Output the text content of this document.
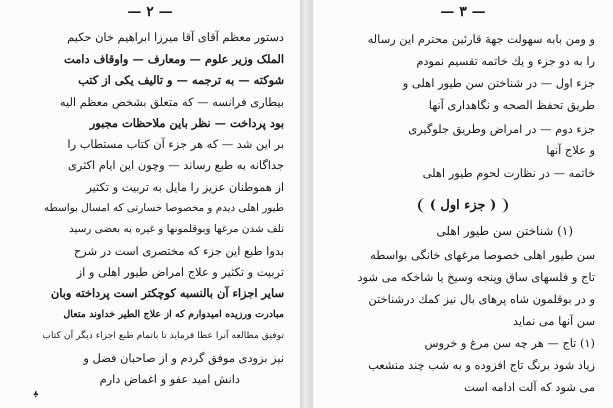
— ٢ —
دستور معظم آقای آقا میرزا ابراهیم خان حکیم
الملک وزیر علوم — ومعارف — واوقاف دامت
شوکته — به ترجمه — و تالیف یکی از کتب
بیطاری فرانسه — که متعلق بشخص معظم الیه
بود پرداخت — نظر باین ملاحظات مجبور
بر این شد — که هر جزء آن کتاب مستطاب را
جداگانه به طبع رساند — وچون این ایام اکثری
از هموطنان عزیز را مایل به تربیت و تکثیر
طیور اهلی دیدم و مخصوصا خسارتی که امسال بواسطه
تلف شدن مرغها وبوقلمونها و غیره به بعضی رسید
بدوا طبع این جزء که مختصری است در شرح
تربیت و تکثیر و علاج امراض طیور اهلی و از
سایر اجزاء آن بالنسبه کوچکتر است پرداخته وبان
مبادرت ورزیده امیدوارم که از علاج الطیر خداوند متعال
توفیق مطالعه آنرا عطا فرماید تا باتمام طبع اجزاء دیگر آن کتاب
نیز بزودی موفق گردم و از صاحبان فضل و
دانش امید عفو و اغماض دارم
ﺒ
— ٣ —
و ومن بابه سهولت جهة قارئین محترم این رساله
را به دو جزء و یك خاتمه تقسیم نمودم
جزء اول — در شناختن سن طیور اهلی و
طریق تحفظ الصحه و نگاهداری آنها
جزء دوم — در امراض وطریق جلوگیری
و علاج آنها
خاتمه — در نظارت لحوم طیور اهلی
( جزء اول )
(١) شناختن سن طیور اهلی
سن طیور اهلی خصوصا مرغهای خانگی بواسطه
تاج و فلسهای ساق وپنجه وسیخ یا شاخکه می شود
و در بوقلمون شاه پرهای بال نیز کمك درشناختن
سن آنها می نماید
(١) تاج — هر چه سن مرغ و خروس
زیاد شود برنگ تاج افزوده و به شب چند منشعب
می شود که آلت ادامه است
